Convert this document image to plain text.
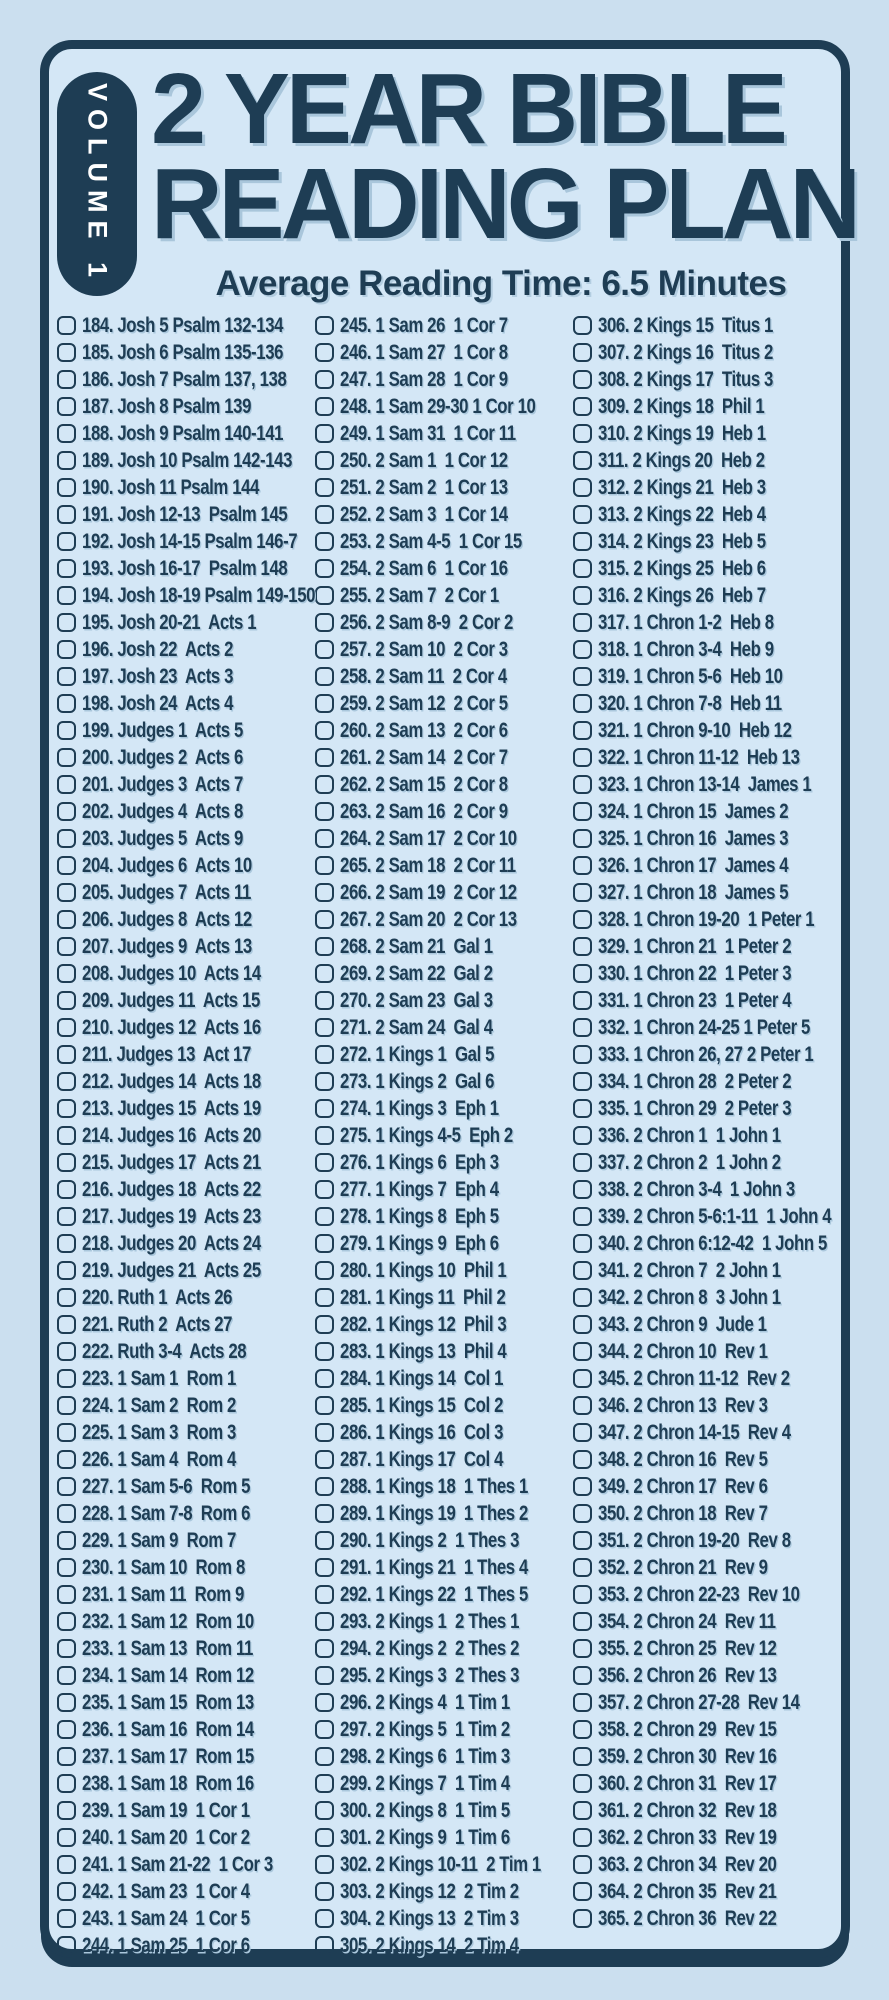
VOLUME 1 2 YEAR BIBLE
READING PLAN
Average Reading Time: 6.5 Minutes
184. Josh 5 Psalm 132-134
185. Josh 6 Psalm 135-136
186. Josh 7 Psalm 137, 138
187. Josh 8 Psalm 139
188. Josh 9 Psalm 140-141
189. Josh 10 Psalm 142-143
190. Josh 11 Psalm 144
191. Josh 12-13  Psalm 145
192. Josh 14-15 Psalm 146-7
193. Josh 16-17  Psalm 148
194. Josh 18-19 Psalm 149-150
195. Josh 20-21  Acts 1
196. Josh 22  Acts 2
197. Josh 23  Acts 3
198. Josh 24  Acts 4
199. Judges 1  Acts 5
200. Judges 2  Acts 6
201. Judges 3  Acts 7
202. Judges 4  Acts 8
203. Judges 5  Acts 9
204. Judges 6  Acts 10
205. Judges 7  Acts 11
206. Judges 8  Acts 12
207. Judges 9  Acts 13
208. Judges 10  Acts 14
209. Judges 11  Acts 15
210. Judges 12  Acts 16
211. Judges 13  Act 17
212. Judges 14  Acts 18
213. Judges 15  Acts 19
214. Judges 16  Acts 20
215. Judges 17  Acts 21
216. Judges 18  Acts 22
217. Judges 19  Acts 23
218. Judges 20  Acts 24
219. Judges 21  Acts 25
220. Ruth 1  Acts 26
221. Ruth 2  Acts 27
222. Ruth 3-4  Acts 28
223. 1 Sam 1  Rom 1
224. 1 Sam 2  Rom 2
225. 1 Sam 3  Rom 3
226. 1 Sam 4  Rom 4
227. 1 Sam 5-6  Rom 5
228. 1 Sam 7-8  Rom 6
229. 1 Sam 9  Rom 7
230. 1 Sam 10  Rom 8
231. 1 Sam 11  Rom 9
232. 1 Sam 12  Rom 10
233. 1 Sam 13  Rom 11
234. 1 Sam 14  Rom 12
235. 1 Sam 15  Rom 13
236. 1 Sam 16  Rom 14
237. 1 Sam 17  Rom 15
238. 1 Sam 18  Rom 16
239. 1 Sam 19  1 Cor 1
240. 1 Sam 20  1 Cor 2
241. 1 Sam 21-22  1 Cor 3
242. 1 Sam 23  1 Cor 4
243. 1 Sam 24  1 Cor 5
244. 1 Sam 25  1 Cor 6
245. 1 Sam 26  1 Cor 7
246. 1 Sam 27  1 Cor 8
247. 1 Sam 28  1 Cor 9
248. 1 Sam 29-30 1 Cor 10
249. 1 Sam 31  1 Cor 11
250. 2 Sam 1  1 Cor 12
251. 2 Sam 2  1 Cor 13
252. 2 Sam 3  1 Cor 14
253. 2 Sam 4-5  1 Cor 15
254. 2 Sam 6  1 Cor 16
255. 2 Sam 7  2 Cor 1
256. 2 Sam 8-9  2 Cor 2
257. 2 Sam 10  2 Cor 3
258. 2 Sam 11  2 Cor 4
259. 2 Sam 12  2 Cor 5
260. 2 Sam 13  2 Cor 6
261. 2 Sam 14  2 Cor 7
262. 2 Sam 15  2 Cor 8
263. 2 Sam 16  2 Cor 9
264. 2 Sam 17  2 Cor 10
265. 2 Sam 18  2 Cor 11
266. 2 Sam 19  2 Cor 12
267. 2 Sam 20  2 Cor 13
268. 2 Sam 21  Gal 1
269. 2 Sam 22  Gal 2
270. 2 Sam 23  Gal 3
271. 2 Sam 24  Gal 4
272. 1 Kings 1  Gal 5
273. 1 Kings 2  Gal 6
274. 1 Kings 3  Eph 1
275. 1 Kings 4-5  Eph 2
276. 1 Kings 6  Eph 3
277. 1 Kings 7  Eph 4
278. 1 Kings 8  Eph 5
279. 1 Kings 9  Eph 6
280. 1 Kings 10  Phil 1
281. 1 Kings 11  Phil 2
282. 1 Kings 12  Phil 3
283. 1 Kings 13  Phil 4
284. 1 Kings 14  Col 1
285. 1 Kings 15  Col 2
286. 1 Kings 16  Col 3
287. 1 Kings 17  Col 4
288. 1 Kings 18  1 Thes 1
289. 1 Kings 19  1 Thes 2
290. 1 Kings 2  1 Thes 3
291. 1 Kings 21  1 Thes 4
292. 1 Kings 22  1 Thes 5
293. 2 Kings 1  2 Thes 1
294. 2 Kings 2  2 Thes 2
295. 2 Kings 3  2 Thes 3
296. 2 Kings 4  1 Tim 1
297. 2 Kings 5  1 Tim 2
298. 2 Kings 6  1 Tim 3
299. 2 Kings 7  1 Tim 4
300. 2 Kings 8  1 Tim 5
301. 2 Kings 9  1 Tim 6
302. 2 Kings 10-11  2 Tim 1
303. 2 Kings 12  2 Tim 2
304. 2 Kings 13  2 Tim 3
305. 2 Kings 14  2 Tim 4
306. 2 Kings 15  Titus 1
307. 2 Kings 16  Titus 2
308. 2 Kings 17  Titus 3
309. 2 Kings 18  Phil 1
310. 2 Kings 19  Heb 1
311. 2 Kings 20  Heb 2
312. 2 Kings 21  Heb 3
313. 2 Kings 22  Heb 4
314. 2 Kings 23  Heb 5
315. 2 Kings 25  Heb 6
316. 2 Kings 26  Heb 7
317. 1 Chron 1-2  Heb 8
318. 1 Chron 3-4  Heb 9
319. 1 Chron 5-6  Heb 10
320. 1 Chron 7-8  Heb 11
321. 1 Chron 9-10  Heb 12
322. 1 Chron 11-12  Heb 13
323. 1 Chron 13-14  James 1
324. 1 Chron 15  James 2
325. 1 Chron 16  James 3
326. 1 Chron 17  James 4
327. 1 Chron 18  James 5
328. 1 Chron 19-20  1 Peter 1
329. 1 Chron 21  1 Peter 2
330. 1 Chron 22  1 Peter 3
331. 1 Chron 23  1 Peter 4
332. 1 Chron 24-25 1 Peter 5
333. 1 Chron 26, 27 2 Peter 1
334. 1 Chron 28  2 Peter 2
335. 1 Chron 29  2 Peter 3
336. 2 Chron 1  1 John 1
337. 2 Chron 2  1 John 2
338. 2 Chron 3-4  1 John 3
339. 2 Chron 5-6:1-11  1 John 4
340. 2 Chron 6:12-42  1 John 5
341. 2 Chron 7  2 John 1
342. 2 Chron 8  3 John 1
343. 2 Chron 9  Jude 1
344. 2 Chron 10  Rev 1
345. 2 Chron 11-12  Rev 2
346. 2 Chron 13  Rev 3
347. 2 Chron 14-15  Rev 4
348. 2 Chron 16  Rev 5
349. 2 Chron 17  Rev 6
350. 2 Chron 18  Rev 7
351. 2 Chron 19-20  Rev 8
352. 2 Chron 21  Rev 9
353. 2 Chron 22-23  Rev 10
354. 2 Chron 24  Rev 11
355. 2 Chron 25  Rev 12
356. 2 Chron 26  Rev 13
357. 2 Chron 27-28  Rev 14
358. 2 Chron 29  Rev 15
359. 2 Chron 30  Rev 16
360. 2 Chron 31  Rev 17
361. 2 Chron 32  Rev 18
362. 2 Chron 33  Rev 19
363. 2 Chron 34  Rev 20
364. 2 Chron 35  Rev 21
365. 2 Chron 36  Rev 22
